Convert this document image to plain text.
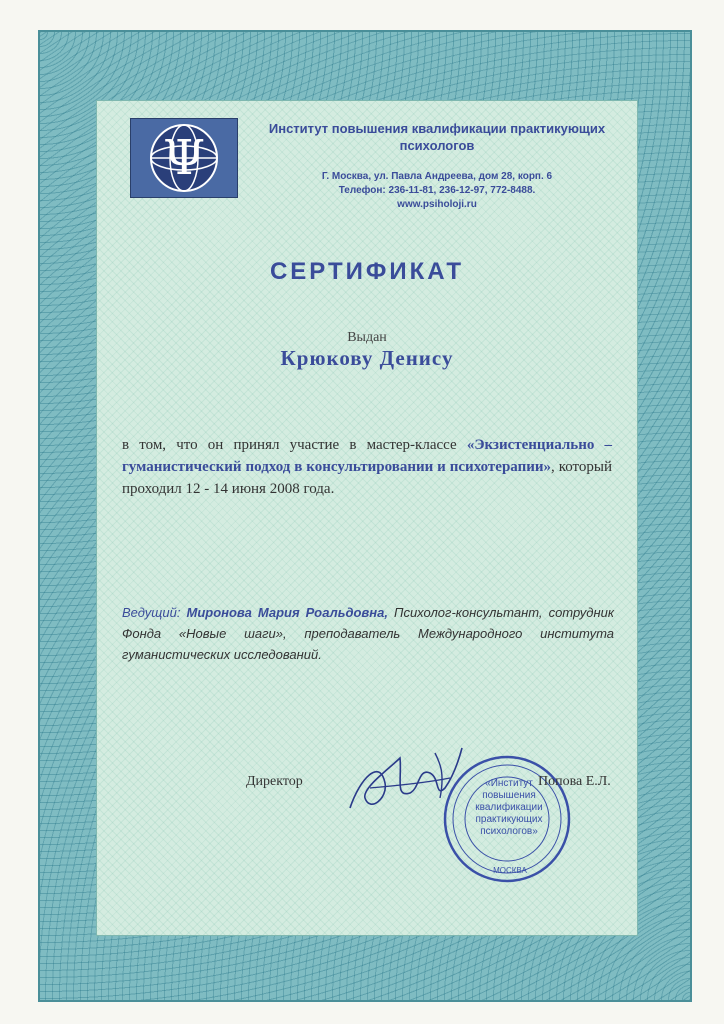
Ψ
Институт повышения квалификации практикующих психологов
Г. Москва, ул. Павла Андреева, дом 28, корп. 6
Телефон: 236-11-81, 236-12-97, 772-8488.
www.psiholoji.ru
СЕРТИФИКАТ
Выдан
Крюкову Денису
в том, что он принял участие в мастер-классе «Экзистенциально – гуманистический подход в консультировании и психотерапии», который проходил 12 - 14 июня 2008 года.
Ведущий: Миронова Мария Роальдовна, Психолог-консультант, сотрудник Фонда «Новые шаги», преподаватель Международного института гуманистических исследований.
Директор	«Институт повышения квалификации практикующих психологов»
МОСКВА
Попова Е.Л.
